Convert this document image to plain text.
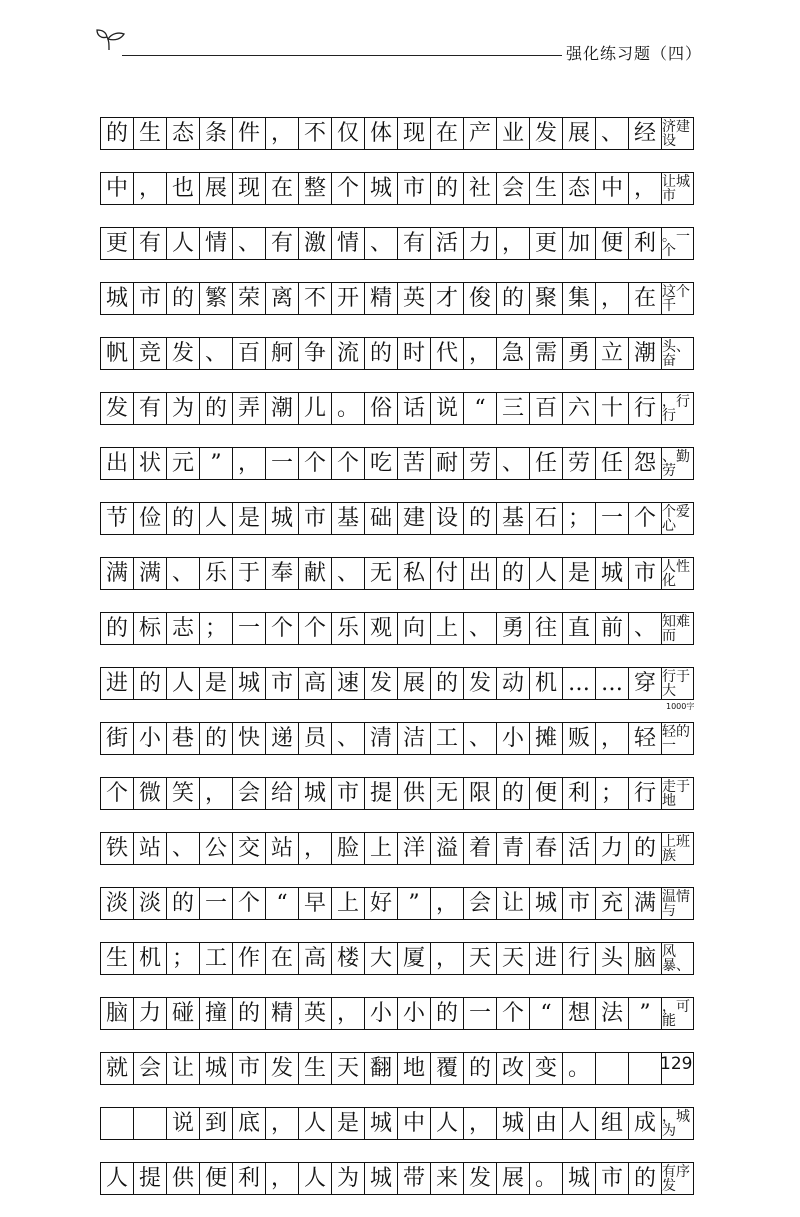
强化练习题（四）
的 生 态 条 件 ， 不 仅 体 现 在 产 业 发 展 、 经 济建设
中 ， 也 展 现 在 整 个 城 市 的 社 会 生 态 中 ， 让城市
更 有 人 情 、 有 激 情 、 有 活 力 ， 更 加 便 利 。一个
城 市 的 繁 荣 离 不 开 精 英 才 俊 的 聚 集 ， 在 这个千
帆 竞 发 、 百 舸 争 流 的 时 代 ， 急 需 勇 立 潮 头、奋
发 有 为 的 弄 潮 儿 。 俗 话 说 “ 三 百 六 十 行 ，行行
出 状 元 ” ， 一 个 个 吃 苦 耐 劳 、 任 劳 任 怨 、勤劳
节 俭 的 人 是 城 市 基 础 建 设 的 基 石 ； 一 个 个爱心
满 满 、 乐 于 奉 献 、 无 私 付 出 的 人 是 城 市 人性化
的 标 志 ； 一 个 个 乐 观 向 上 、 勇 往 直 前 、 知难而
进 的 人 是 城 市 高 速 发 展 的 发 动 机 … … 穿 行于大
街 小 巷 的 快 递 员 、 清 洁 工 、 小 摊 贩 ， 轻 轻的一
个 微 笑 ， 会 给 城 市 提 供 无 限 的 便 利 ； 行 走于地
铁 站 、 公 交 站 ， 脸 上 洋 溢 着 青 春 活 力 的 上班族
淡 淡 的 一 个 “ 早 上 好 ” ， 会 让 城 市 充 满 温情与
生 机 ； 工 作 在 高 楼 大 厦 ， 天 天 进 行 头 脑 风暴、
脑 力 碰 撞 的 精 英 ， 小 小 的 一 个 “ 想 法 ” ，可能
就 会 让 城 市 发 生 天 翻 地 覆 的 改 变 。

说 到 底 ， 人 是 城 中 人 ， 城 由 人 组 成 ，城为
人 提 供 便 利 ， 人 为 城 带 来 发 展 。 城 市 的 有序发
1000字
129
